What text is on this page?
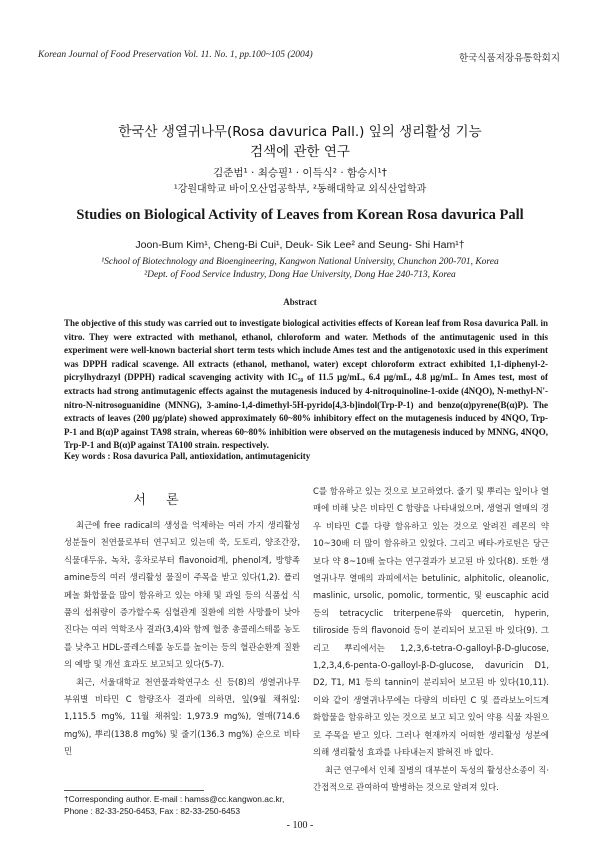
Korean Journal of Food Preservation Vol. 11. No. 1, pp.100~105 (2004)	한국식품저장유통학회지
한국산 생열귀나무(Rosa davurica Pall.) 잎의 생리활성 기능
검색에 관한 연구
김준범¹ · 최승필¹ · 이득식² · 함승시¹†
¹강원대학교 바이오산업공학부, ²동해대학교 외식산업학과
Studies on Biological Activity of Leaves from Korean Rosa davurica Pall
Joon-Bum Kim¹, Cheng-Bi Cui¹, Deuk- Sik Lee² and Seung- Shi Ham¹†
¹School of Biotechnology and Bioengineering, Kangwon National University, Chunchon 200-701, Korea
²Dept. of Food Service Industry, Dong Hae University, Dong Hae 240-713, Korea
Abstract
The objective of this study was carried out to investigate biological activities effects of Korean leaf from Rosa davurica Pall. in vitro. They were extracted with methanol, ethanol, chloroform and water. Methods of the antimutagenic used in this experiment were well-known bacterial short term tests which include Ames test and the antigenotoxic used in this experiment was DPPH radical scavenge. All extracts (ethanol, methanol, water) except chloroform extract exhibited 1,1-diphenyl-2-picrylhydrazyl (DPPH) radical scavenging activity with IC₅₀ of 11.5 μg/mL, 6.4 μg/mL, 4.8 μg/mL. In Ames test, most of extracts had strong antimutagenic effects against the mutagenesis induced by 4-nitroquinoline-1-oxide (4NQO), N-methyl-N'-nitro-N-nitrosoguanidine (MNNG), 3-amino-1,4-dimethyl-5H-pyrido[4,3-b]indol(Trp-P-1) and benzo(α)pyrene(B(α)P). The extracts of leaves (200 μg/plate) showed approximately 60~80% inhibitory effect on the mutagenesis induced by 4NQO, Trp-P-1 and B(α)P against TA98 strain, whereas 60~80% inhibition were observed on the mutagenesis induced by MNNG, 4NQO, Trp-P-1 and B(α)P against TA100 strain. respectively.
Key words : Rosa davurica Pall, antioxidation, antimutagenicity
서 론

최근에 free radical의 생성을 억제하는 여러 가지 생리활성 성분들이 천연물로부터 연구되고 있는데 쑥, 도토리, 양조간장, 식물대두유, 녹차, 홍차로부터 flavonoid계, phenol계, 방향족 amine등의 여러 생리활성 물질이 주목을 받고 있다(1,2). 폴리페놀 화합물을 많이 함유하고 있는 야채 및 과일 등의 식품섭 식품의 섭취량이 증가할수록 심혈관계 질환에 의한 사망률이 낮아진다는 여러 역학조사 결과(3,4)와 함께 혈중 총콜레스테롤 농도를 낮추고 HDL-콜레스테롤 농도를 높이는 등의 혈관순환계 질환의 예방 및 개선 효과도 보고되고 있다(5-7).

최근, 서울대학교 천연물과학연구소 신 등(8)의 생열귀나무 부위별 비타민 C 함량조사 결과에 의하면, 잎(9월 채취잎: 1,115.5 mg%, 11월 채취잎: 1,973.9 mg%), 열매(714.6 mg%), 뿌리(138.8 mg%) 및 줄기(136.3 mg%) 순으로 비타민

C를 함유하고 있는 것으로 보고하였다. 줄기 및 뿌리는 잎이나 열매에 비해 낮은 비타민 C 함량을 나타내었으며, 생열귀 열매의 경우 비타민 C를 다량 함유하고 있는 것으로 알려진 레몬의 약 10~30배 더 많이 함유하고 있었다. 그리고 베타-카로틴은 당근보다 약 8~10배 높다는 연구결과가 보고된 바 있다(8). 또한 생열귀나무 열매의 과피에서는 betulinic, alphitolic, oleanolic, maslinic, ursolic, pomolic, tormentic, 및 euscaphic acid 등의 tetracyclic triterpene류와 quercetin, hyperin, tiliroside 등의 flavonoid 등이 분리되어 보고된 바 있다(9). 그리고 뿌리에서는 1,2,3,6-tetra-O-galloyl-β-D-glucose, 1,2,3,4,6-penta-O-galloyl-β-D-glucose, davuricin D1, D2, T1, M1 등의 tannin이 분리되어 보고된 바 있다(10,11). 이와 같이 생열귀나무에는 다량의 비타민 C 및 플라보노이드계 화합물을 함유하고 있는 것으로 보고 되고 있어 약용 식물 자원으로 주목을 받고 있다. 그러나 현재까지 어떠한 생리활성 성분에 의해 생리활성 효과를 나타내는지 밝혀진 바 없다.

최근 연구에서 인체 질병의 대부분이 독성의 활성산소종이 직·간접적으로 관여하여 발병하는 것으로 알려져 있다.

†Corresponding author. E-mail : hamss@cc.kangwon.ac.kr,
Phone : 82-33-250-6453, Fax : 82-33-250-6453
- 100 -
